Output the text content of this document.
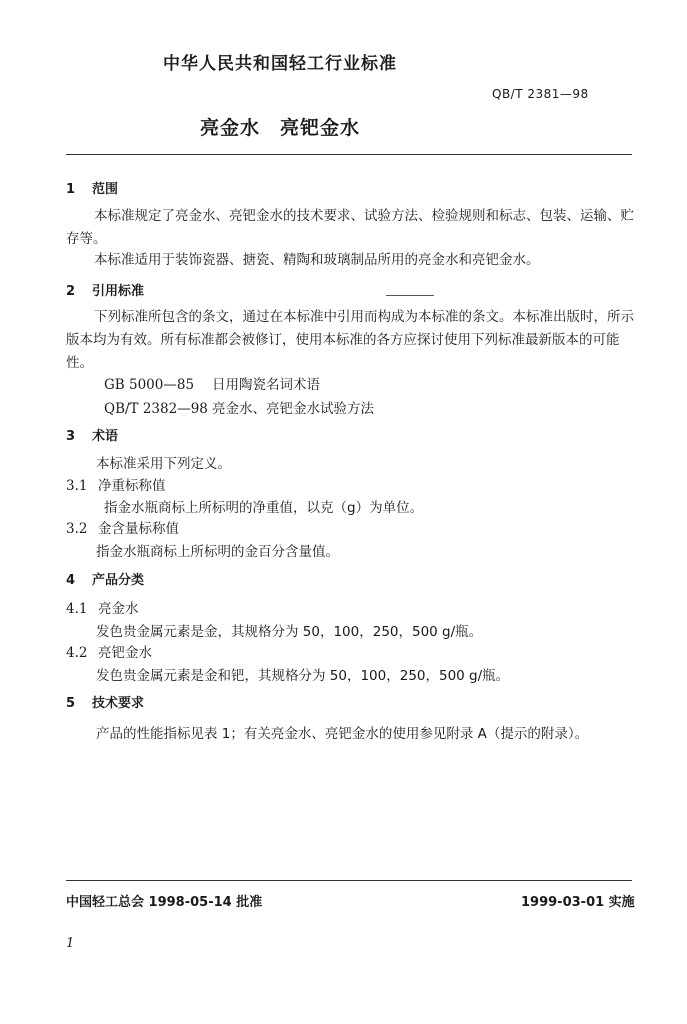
中华人民共和国轻工行业标准
QB/T 2381—98
亮金水　亮钯金水
1 范围
本标准规定了亮金水、亮钯金水的技术要求、试验方法、检验规则和标志、包装、运输、贮存等。
本标准适用于装饰瓷器、搪瓷、精陶和玻璃制品所用的亮金水和亮钯金水。
2 引用标准
下列标准所包含的条文，通过在本标准中引用而构成为本标准的条文。本标准出版时，所示版本均为有效。所有标准都会被修订，使用本标准的各方应探讨使用下列标准最新版本的可能性。
GB 5000—85 日用陶瓷名词术语
QB/T 2382—98 亮金水、亮钯金水试验方法
3 术语
本标准采用下列定义。
3.1 净重标称值
指金水瓶商标上所标明的净重值，以克（g）为单位。
3.2 金含量标称值
指金水瓶商标上所标明的金百分含量值。
4 产品分类
4.1 亮金水
发色贵金属元素是金，其规格分为 50，100，250，500 g/瓶。
4.2 亮钯金水
发色贵金属元素是金和钯，其规格分为 50，100，250，500 g/瓶。
5 技术要求
产品的性能指标见表 1；有关亮金水、亮钯金水的使用参见附录 A（提示的附录）。
中国轻工总会 1998-05-14 批准	1999-03-01 实施
1
